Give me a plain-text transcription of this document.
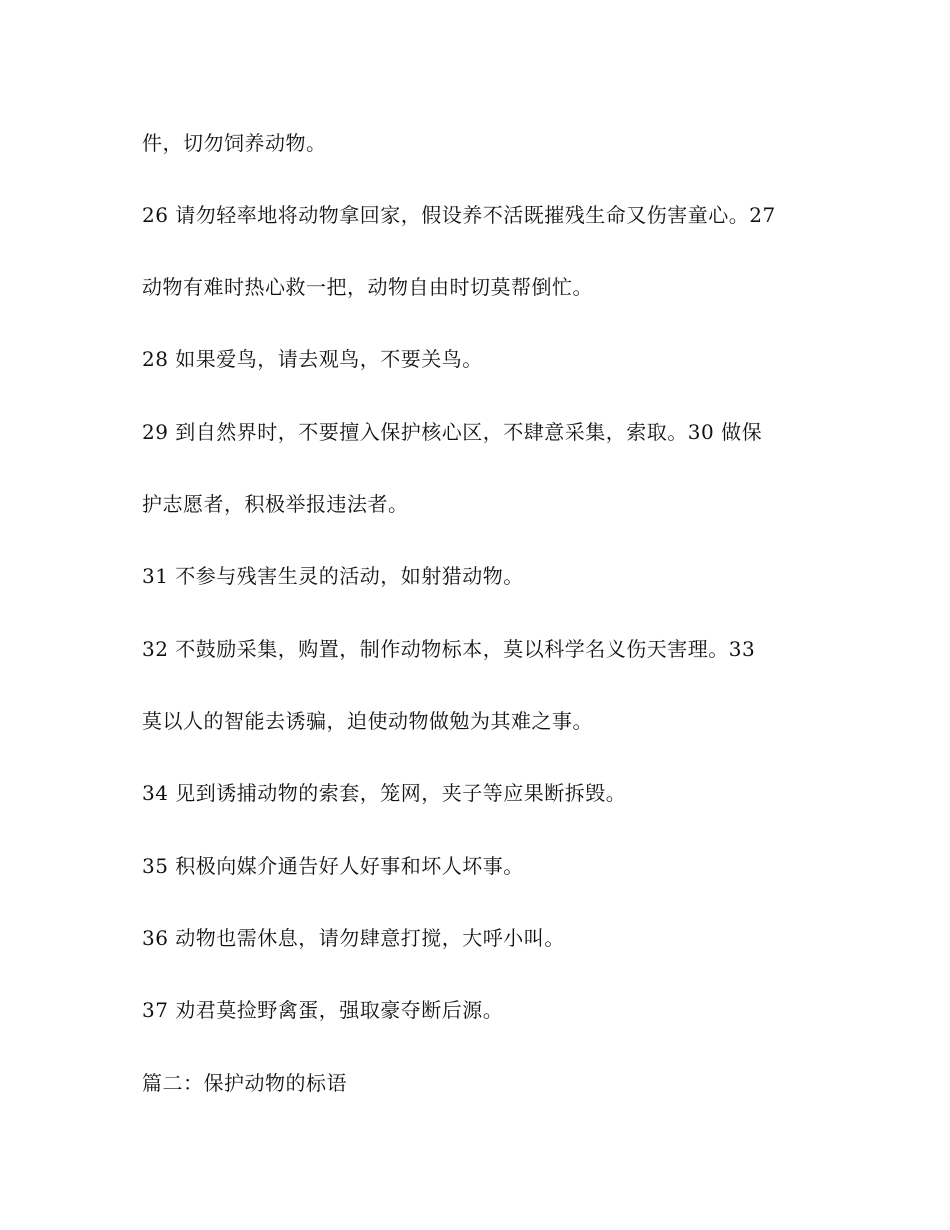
件，切勿饲养动物。
26 请勿轻率地将动物拿回家，假设养不活既摧残生命又伤害童心。27
动物有难时热心救一把，动物自由时切莫帮倒忙。
28 如果爱鸟，请去观鸟，不要关鸟。
29 到自然界时，不要擅入保护核心区，不肆意采集，索取。30 做保
护志愿者，积极举报违法者。
31 不参与残害生灵的活动，如射猎动物。
32 不鼓励采集，购置，制作动物标本，莫以科学名义伤天害理。33
莫以人的智能去诱骗，迫使动物做勉为其难之事。
34 见到诱捕动物的索套，笼网，夹子等应果断拆毁。
35 积极向媒介通告好人好事和坏人坏事。
36 动物也需休息，请勿肆意打搅，大呼小叫。
37 劝君莫捡野禽蛋，强取豪夺断后源。
篇二：保护动物的标语
